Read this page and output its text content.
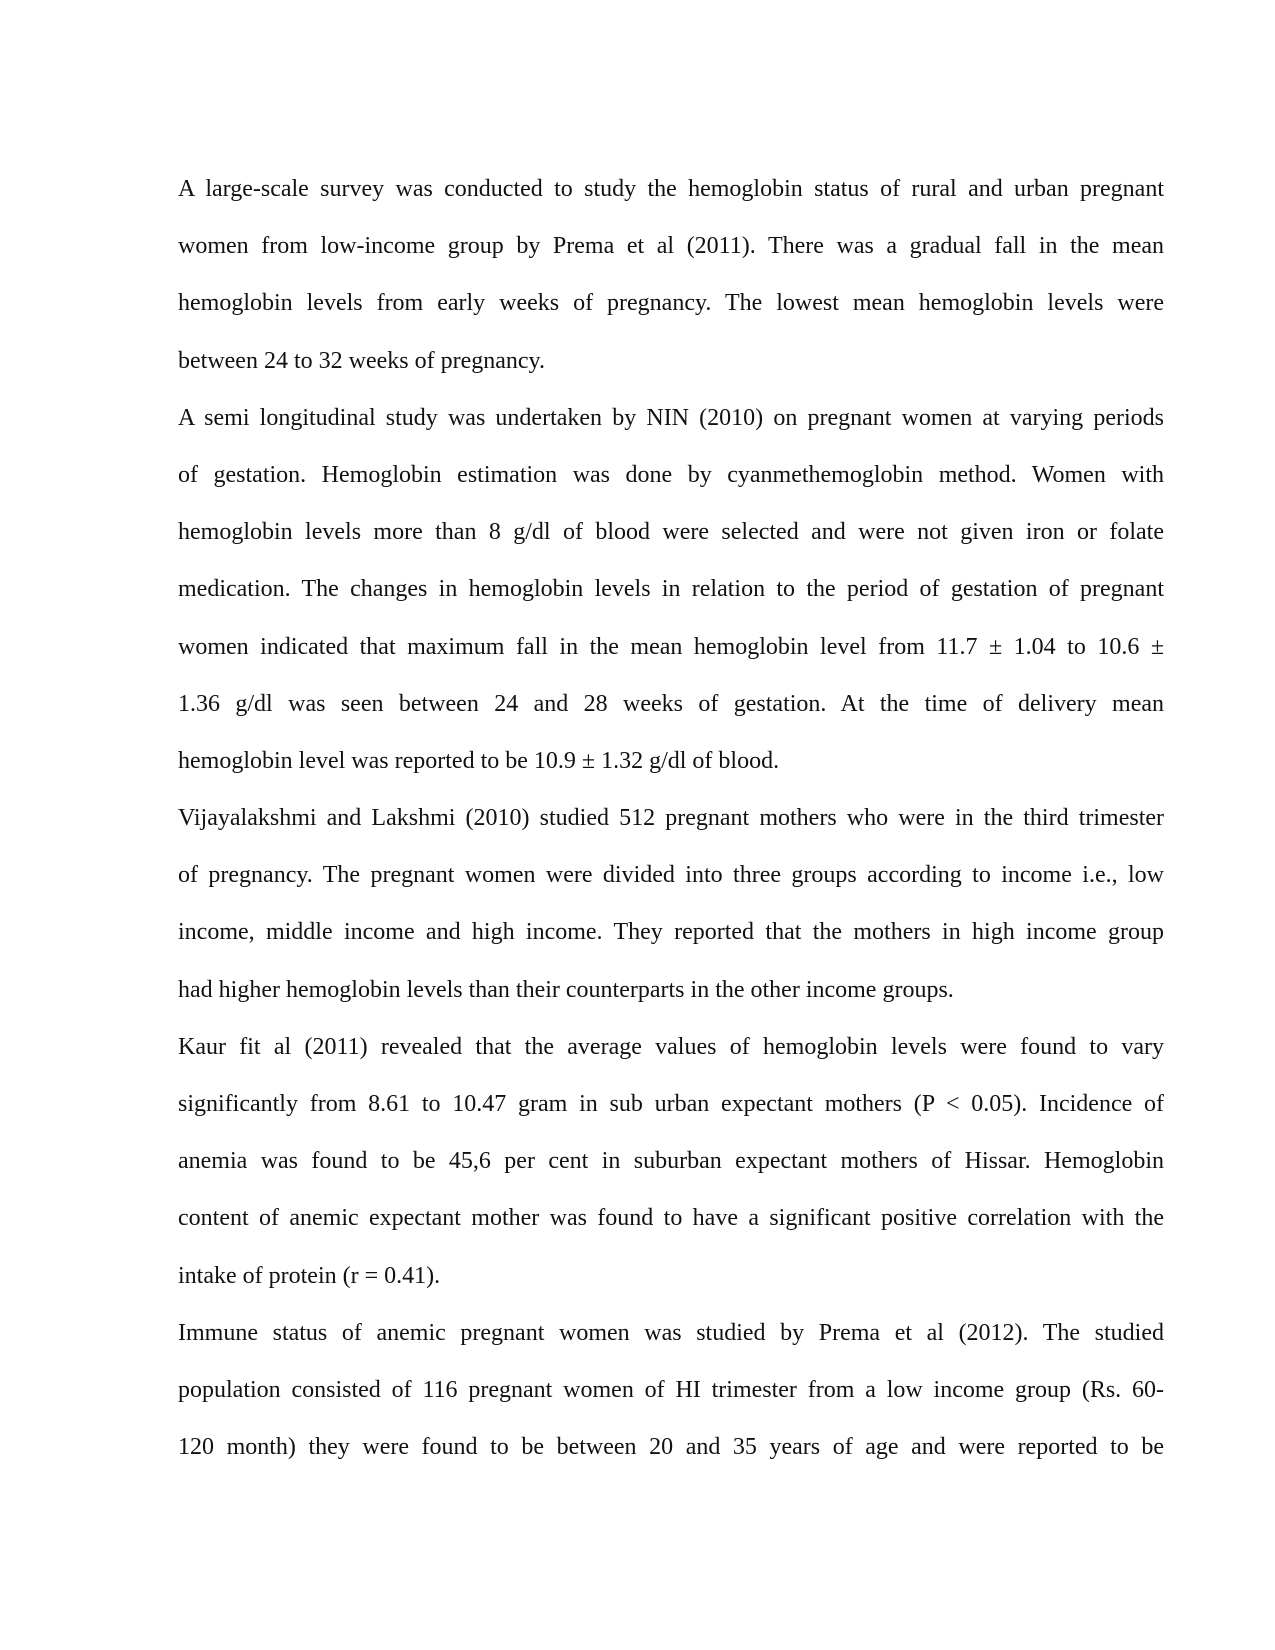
A large-scale survey was conducted to study the hemoglobin status of rural and urban pregnant
women from low-income group by Prema et al (2011). There was a gradual fall in the mean
hemoglobin levels from early weeks of pregnancy. The lowest mean hemoglobin levels were
between 24 to 32 weeks of pregnancy.
A semi longitudinal study was undertaken by NIN (2010) on pregnant women at varying periods
of gestation. Hemoglobin estimation was done by cyanmethemoglobin method. Women with
hemoglobin levels more than 8 g/dl of blood were selected and were not given iron or folate
medication. The changes in hemoglobin levels in relation to the period of gestation of pregnant
women indicated that maximum fall in the mean hemoglobin level from 11.7 ± 1.04 to 10.6 ±
1.36 g/dl was seen between 24 and 28 weeks of gestation. At the time of delivery mean
hemoglobin level was reported to be 10.9 ± 1.32 g/dl of blood.
Vijayalakshmi and Lakshmi (2010) studied 512 pregnant mothers who were in the third trimester
of pregnancy. The pregnant women were divided into three groups according to income i.e., low
income, middle income and high income. They reported that the mothers in high income group
had higher hemoglobin levels than their counterparts in the other income groups.
Kaur fit al (2011) revealed that the average values of hemoglobin levels were found to vary
significantly from 8.61 to 10.47 gram in sub urban expectant mothers (P < 0.05). Incidence of
anemia was found to be 45,6 per cent in suburban expectant mothers of Hissar. Hemoglobin
content of anemic expectant mother was found to have a significant positive correlation with the
intake of protein (r = 0.41).
Immune status of anemic pregnant women was studied by Prema et al (2012). The studied
population consisted of 116 pregnant women of HI trimester from a low income group (Rs. 60-
120 month) they were found to be between 20 and 35 years of age and were reported to be
